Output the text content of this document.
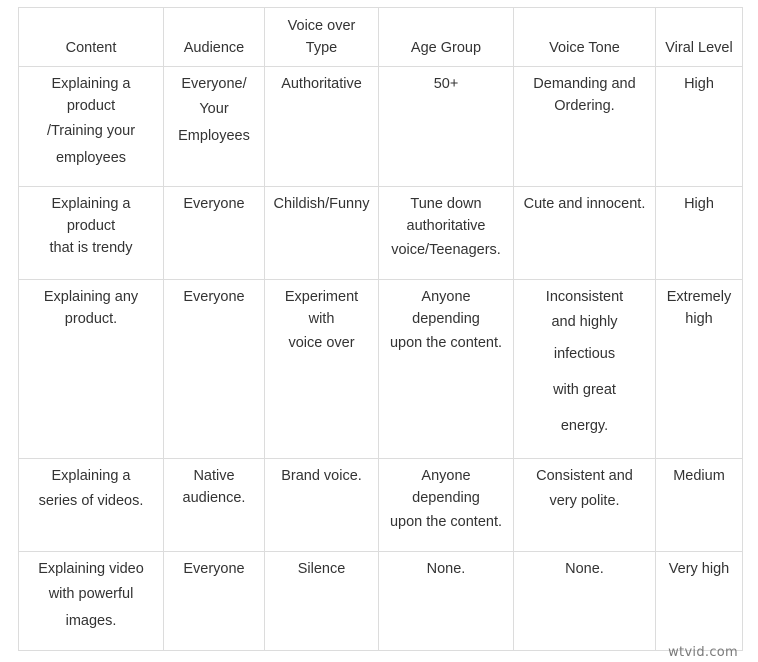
Content	Audience	Voice over Type	Age Group	Voice Tone	Viral Level

Explaining a
product
/Training your
employees	Everyone/
Your
Employees	Authoritative	50+	Demanding and
Ordering.	High

Explaining a
product
that is trendy	Everyone	Childish/Funny	Tune down
authoritative
voice/Teenagers.	Cute and innocent.	High

Explaining any
product.	Everyone	Experiment
with
voice over	Anyone
depending
upon the content.	Inconsistent
and highly
infectious
with great
energy.	Extremely
high

Explaining a
series of videos.	Native
audience.	Brand voice.	Anyone
depending
upon the content.	Consistent and
very polite.	Medium

Explaining video
with powerful
images.	Everyone	Silence	None.	None.	Very high
wtvid.com
